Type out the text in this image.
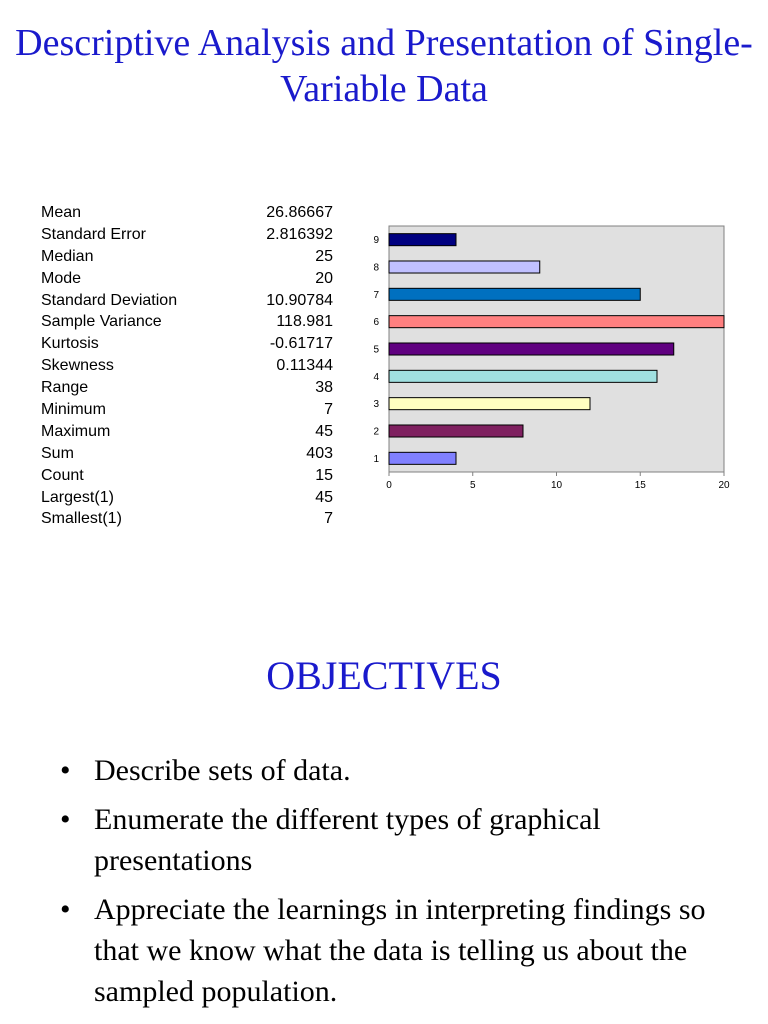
Descriptive Analysis and Presentation of Single-Variable Data
Mean	26.86667
Standard Error	2.816392
Median	25
Mode	20
Standard Deviation	10.90784
Sample Variance	118.981
Kurtosis	-0.61717
Skewness	0.11344
Range	38
Minimum	7
Maximum	45
Sum	403
Count	15
Largest(1)	45
Smallest(1)	7
1
2
3
4
5
6
7
8
9
0	5	10	15	20
OBJECTIVES
• Describe sets of data.
• Enumerate the different types of graphical presentations
• Appreciate the learnings in interpreting findings so that we know what the data is telling us about the sampled population.
